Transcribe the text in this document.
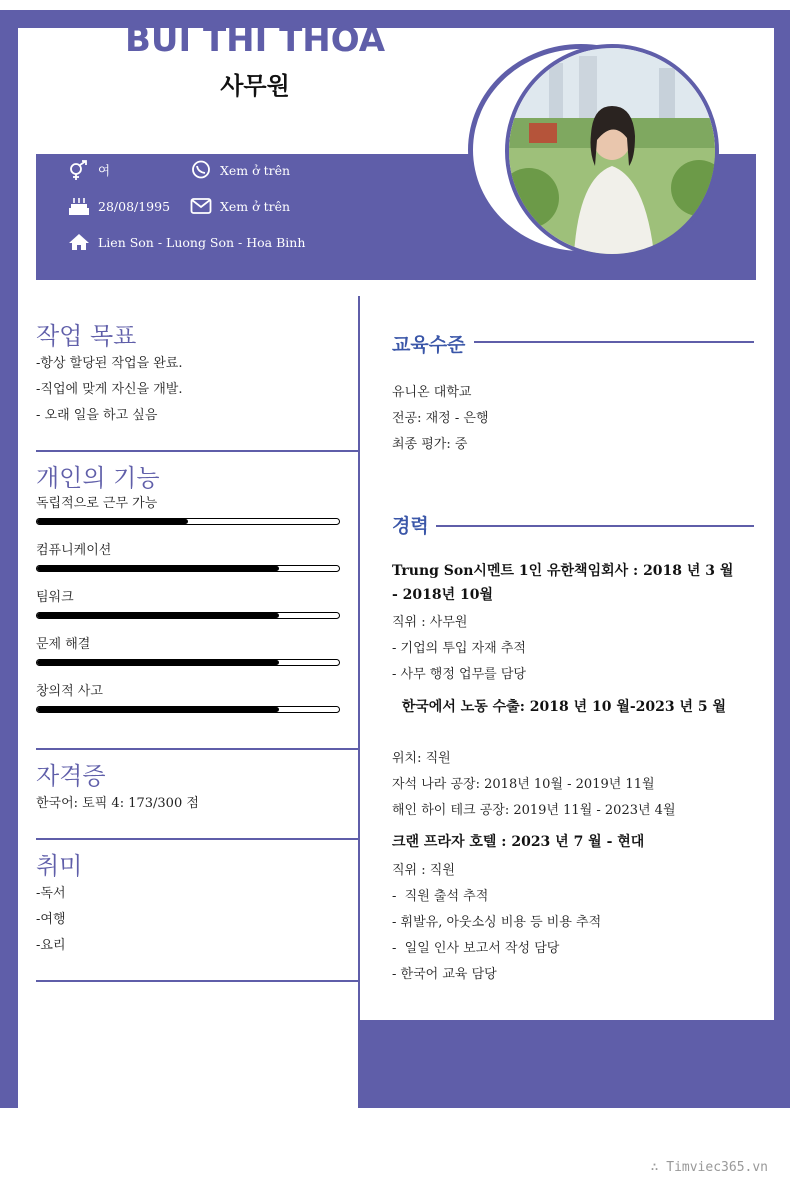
BUI THI THOA
사무원
여	Xem ở trên
28/08/1995	Xem ở trên
Lien Son - Luong Son - Hoa Binh
작업 목표
-항상 할당된 작업을 완료.
-직업에 맞게 자신을 개발.
- 오래 일을 하고 싶음
개인의 기능
독립적으로 근무 가능
컴퓨니케이션
팀워크
문제 해결
창의적 사고
자격증
한국어: 토픽 4: 173/300 점
취미
-독서
-여행
-요리
교육수준
유니온 대학교
전공: 재정 - 은행
최종 평가: 중
경력
Trung Son시멘트 1인 유한책임회사 : 2018 년 3 월 - 2018년 10월
직위 : 사무원
- 기업의 투입 자재 추적
- 사무 행정 업무를 담당
한국에서 노동 수출: 2018 년 10 월-2023 년 5 월
위치: 직원
자석 나라 공장: 2018년 10월 - 2019년 11월
해인 하이 테크 공장: 2019년 11월 - 2023년 4월
크랜 프라자 호텔 : 2023 년 7 월 - 현대
직위 : 직원
-  직원 출석 추적
- 휘발유, 아웃소싱 비용 등 비용 추적
-  일일 인사 보고서 작성 담당
- 한국어 교육 담당
∴ Timviec365.vn
